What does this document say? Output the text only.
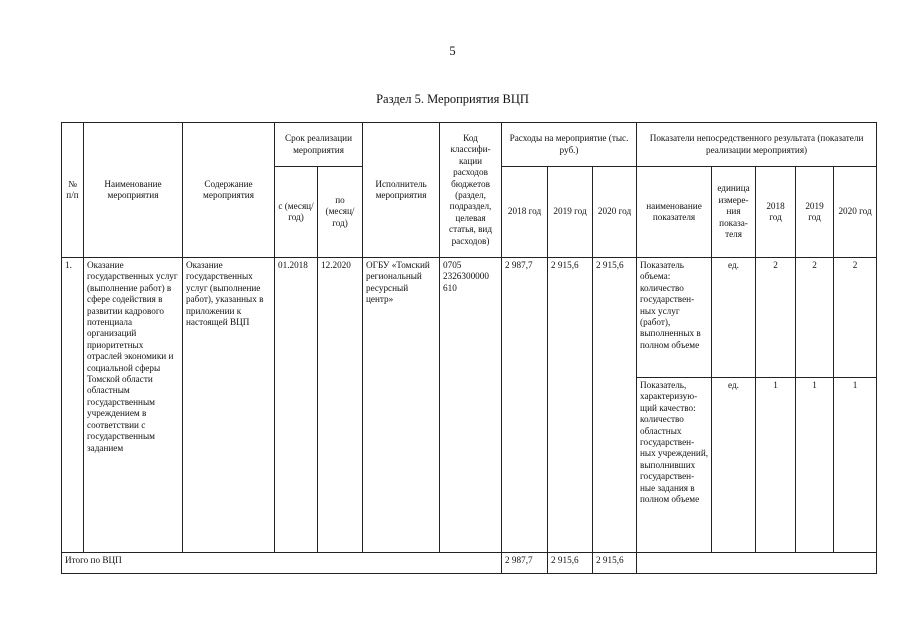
5
Раздел 5. Мероприятия ВЦП
№ п/п	Наименование мероприятия	Содержание мероприятия	Срок реализации мероприятия		Исполнитель мероприятия	Код классифи- кации расходов бюджетов (раздел, подраздел, целевая статья, вид расходов)	Расходы на мероприятие (тыс. руб.)			Показатели непосредственного результата (показатели реализации мероприятия)				
			с (месяц/ год)	по (месяц/ год)			2018 год	2019 год	2020 год	наименование показателя	единица измере- ния показа- теля	2018 год	2019 год	2020 год
1.	Оказание государственных услуг (выполнение работ) в сфере содействия в развитии кадрового потенциала организаций приоритетных отраслей экономики и социальной сферы Томской области областным государственным учреждением в соответствии с государственным заданием	Оказание государственных услуг (выполнение работ), указанных в приложении к настоящей ВЦП	01.2018	12.2020	ОГБУ «Томский региональный ресурсный центр»	0705 2326300000 610	2 987,7	2 915,6	2 915,6	Показатель объема: количество государствен- ных услуг (работ), выполненных в полном объеме	ед.	2	2	2
										Показатель, характеризую- щий качество: количество областных государствен- ных учреждений, выполнивших государствен- ные задания в полном объеме	ед.	1	1	1
Итого по ВЦП							2 987,7	2 915,6	2 915,6					
